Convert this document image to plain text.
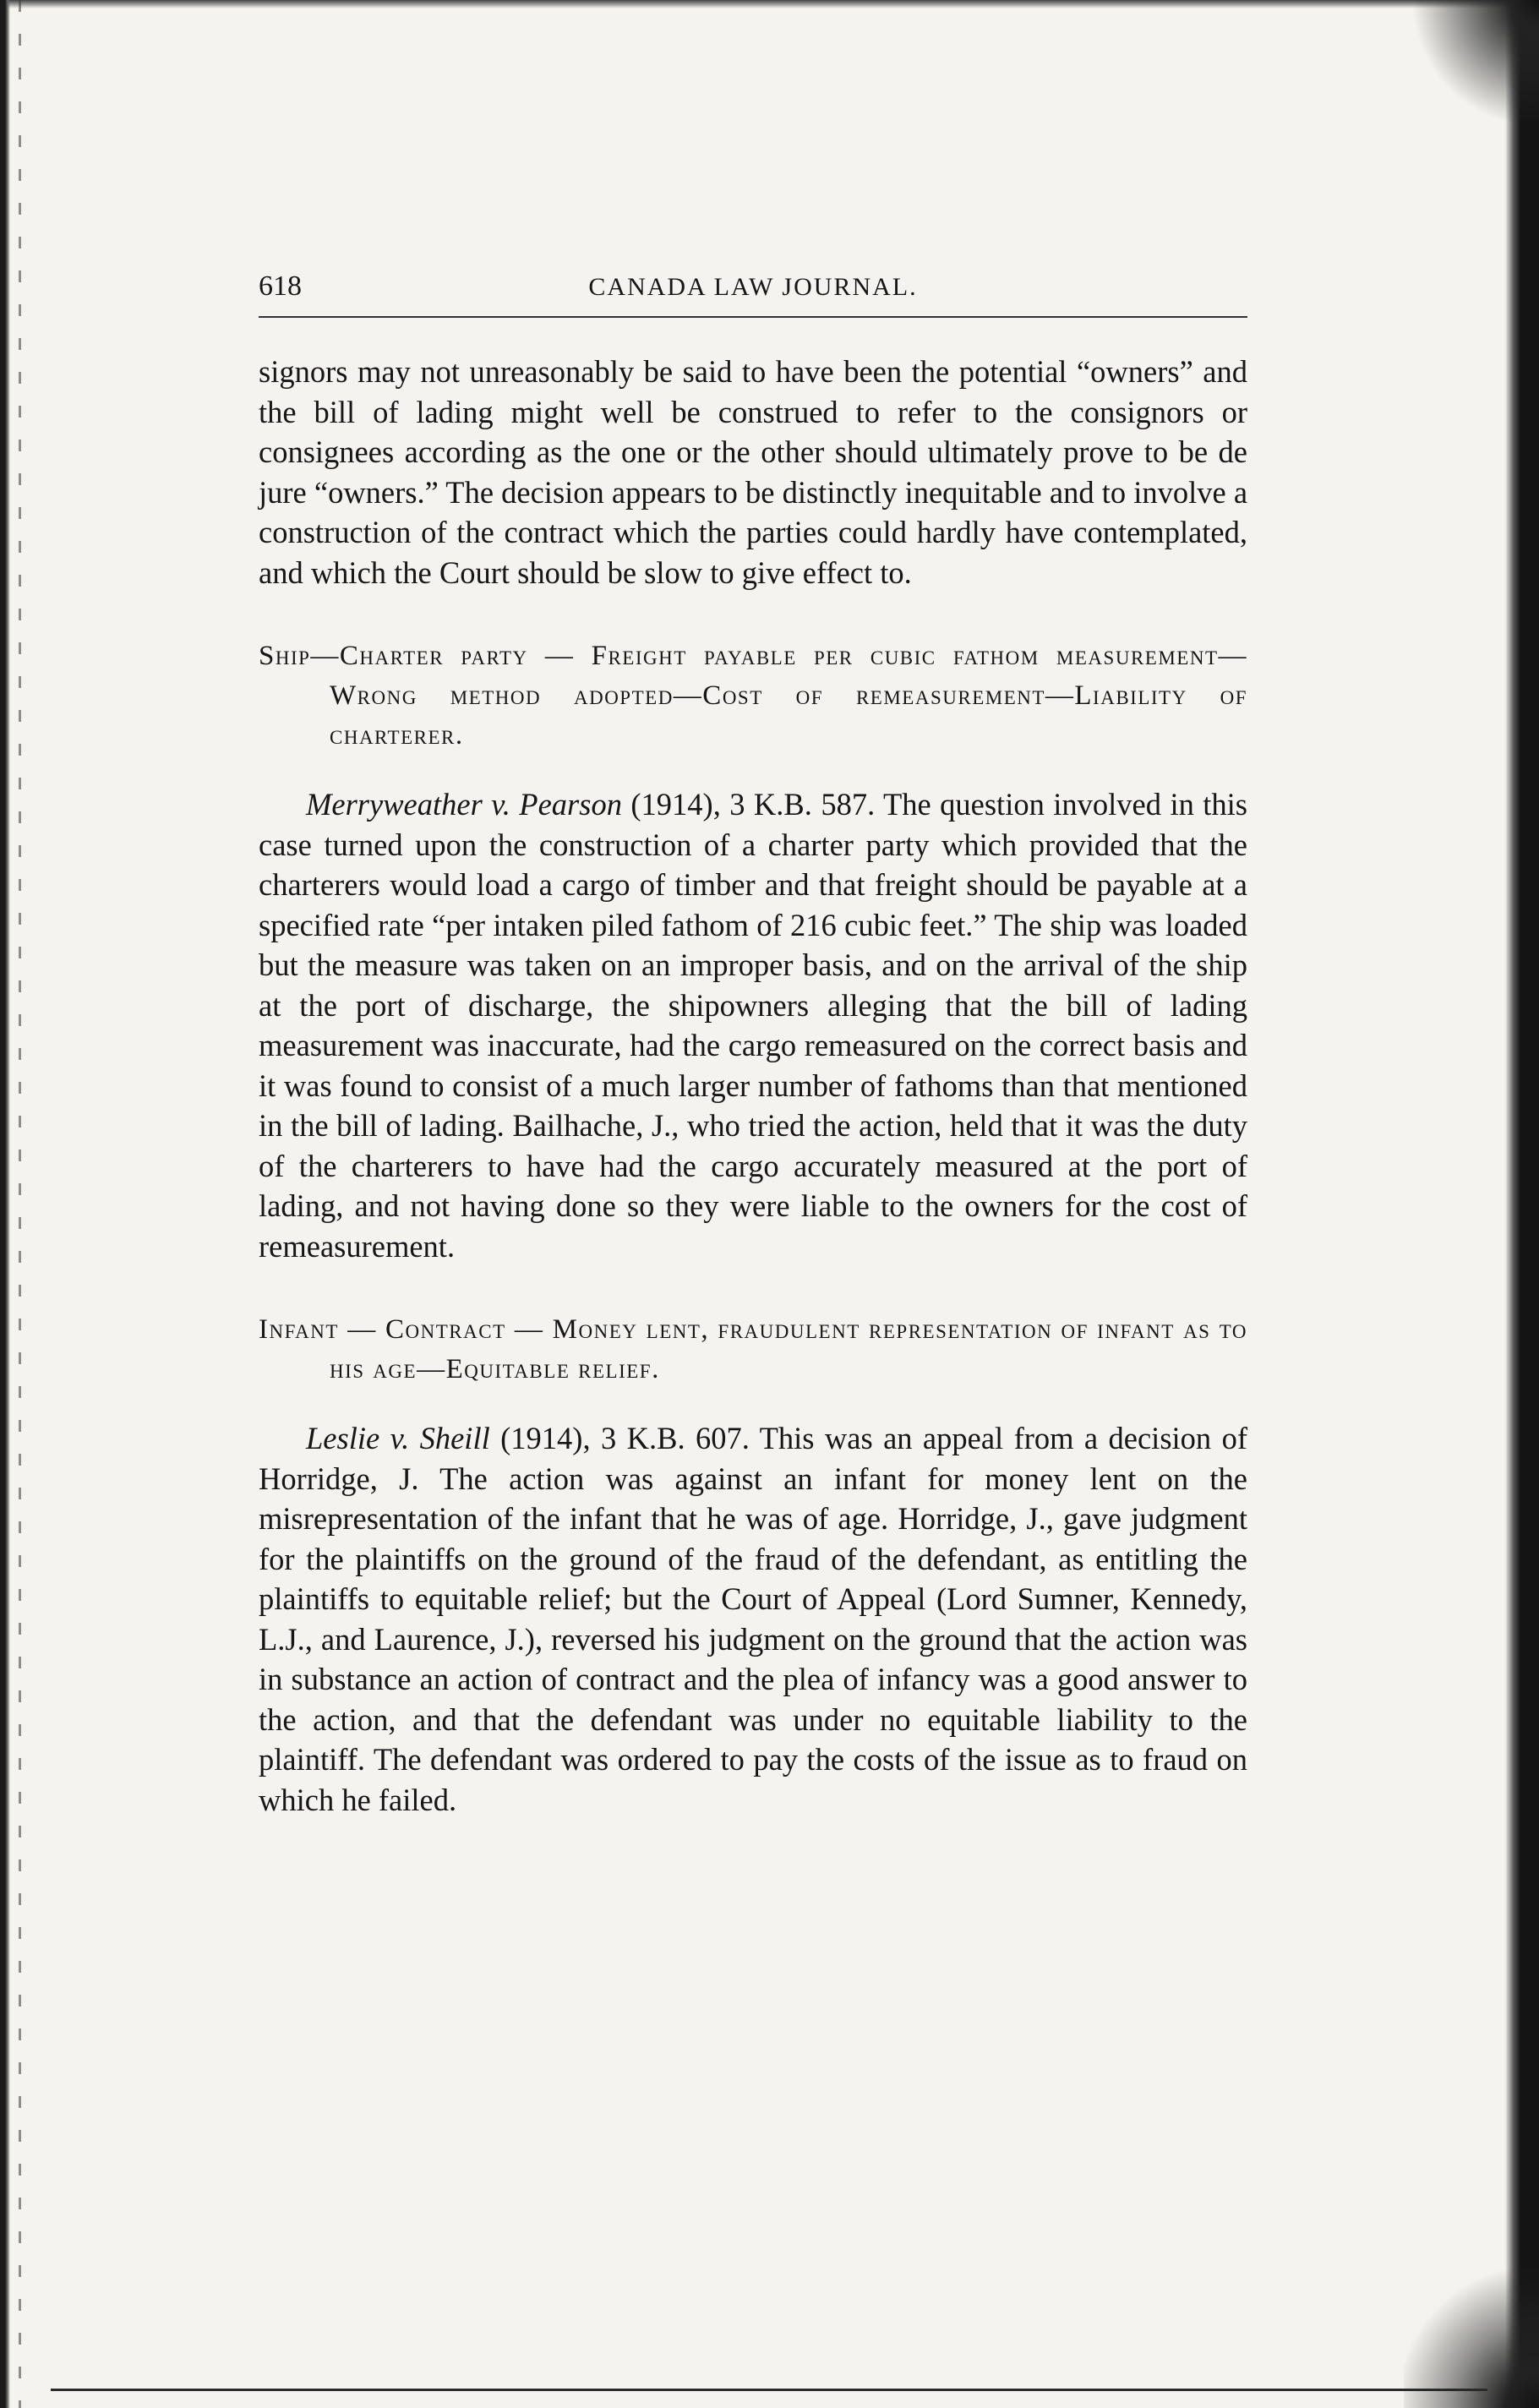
618	CANADA LAW JOURNAL.

signors may not unreasonably be said to have been the potential “owners” and the bill of lading might well be construed to refer to the consignors or consignees according as the one or the other should ultimately prove to be de jure “owners.” The decision appears to be distinctly inequitable and to involve a construction of the contract which the parties could hardly have contemplated, and which the Court should be slow to give effect to.

Ship—Charter party — Freight payable per cubic fathom measurement—Wrong method adopted—Cost of remeasurement—Liability of charterer.

Merryweather v. Pearson (1914), 3 K.B. 587. The question involved in this case turned upon the construction of a charter party which provided that the charterers would load a cargo of timber and that freight should be payable at a specified rate “per intaken piled fathom of 216 cubic feet.” The ship was loaded but the measure was taken on an improper basis, and on the arrival of the ship at the port of discharge, the shipowners alleging that the bill of lading measurement was inaccurate, had the cargo remeasured on the correct basis and it was found to consist of a much larger number of fathoms than that mentioned in the bill of lading. Bailhache, J., who tried the action, held that it was the duty of the charterers to have had the cargo accurately measured at the port of lading, and not having done so they were liable to the owners for the cost of remeasurement.

Infant — Contract — Money lent, fraudulent representation of infant as to his age—Equitable relief.

Leslie v. Sheill (1914), 3 K.B. 607. This was an appeal from a decision of Horridge, J. The action was against an infant for money lent on the misrepresentation of the infant that he was of age. Horridge, J., gave judgment for the plaintiffs on the ground of the fraud of the defendant, as entitling the plaintiffs to equitable relief; but the Court of Appeal (Lord Sumner, Kennedy, L.J., and Laurence, J.), reversed his judgment on the ground that the action was in substance an action of contract and the plea of infancy was a good answer to the action, and that the defendant was under no equitable liability to the plaintiff. The defendant was ordered to pay the costs of the issue as to fraud on which he failed.
